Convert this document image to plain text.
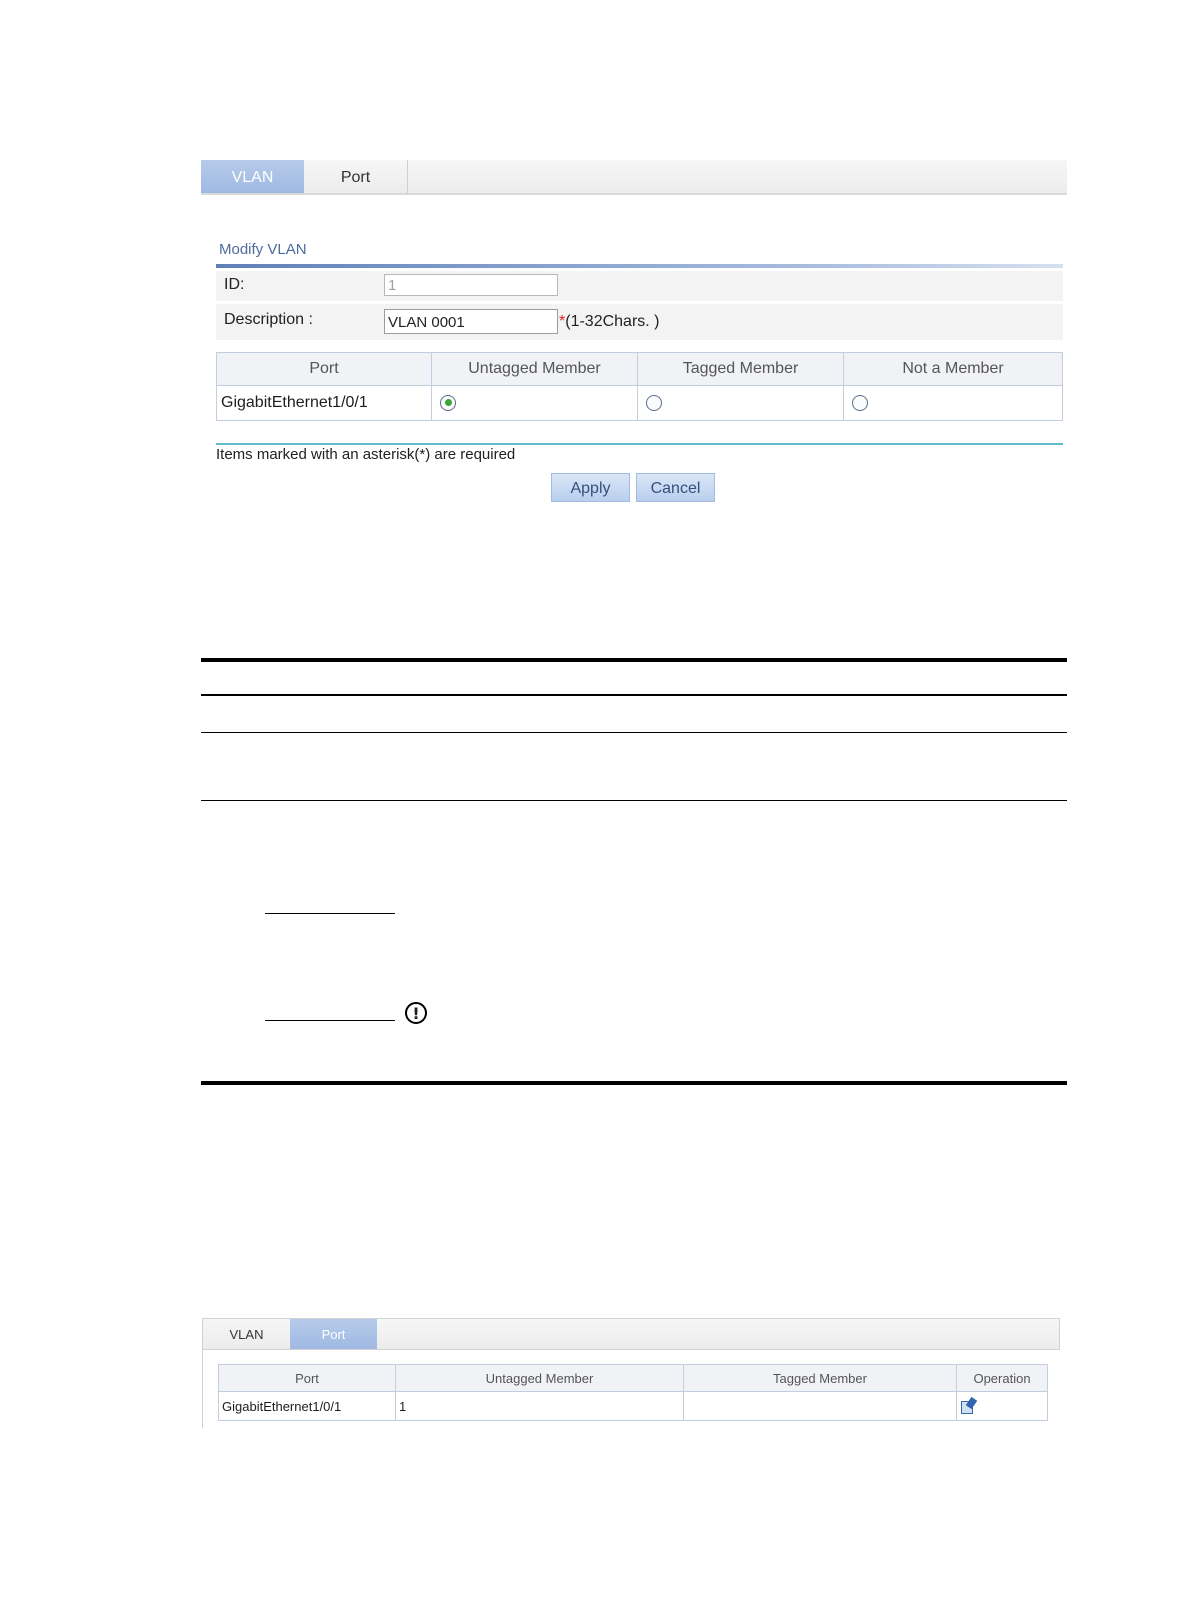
VLAN	Port
Modify VLAN
ID:	1
Description :	VLAN 0001	*(1-32Chars. )
Port	Untagged Member	Tagged Member	Not a Member
GigabitEthernet1/0/1			
Items marked with an asterisk(*) are required
Apply	Cancel
!
VLAN	Port
Port	Untagged Member	Tagged Member	Operation
GigabitEthernet1/0/1	1		
